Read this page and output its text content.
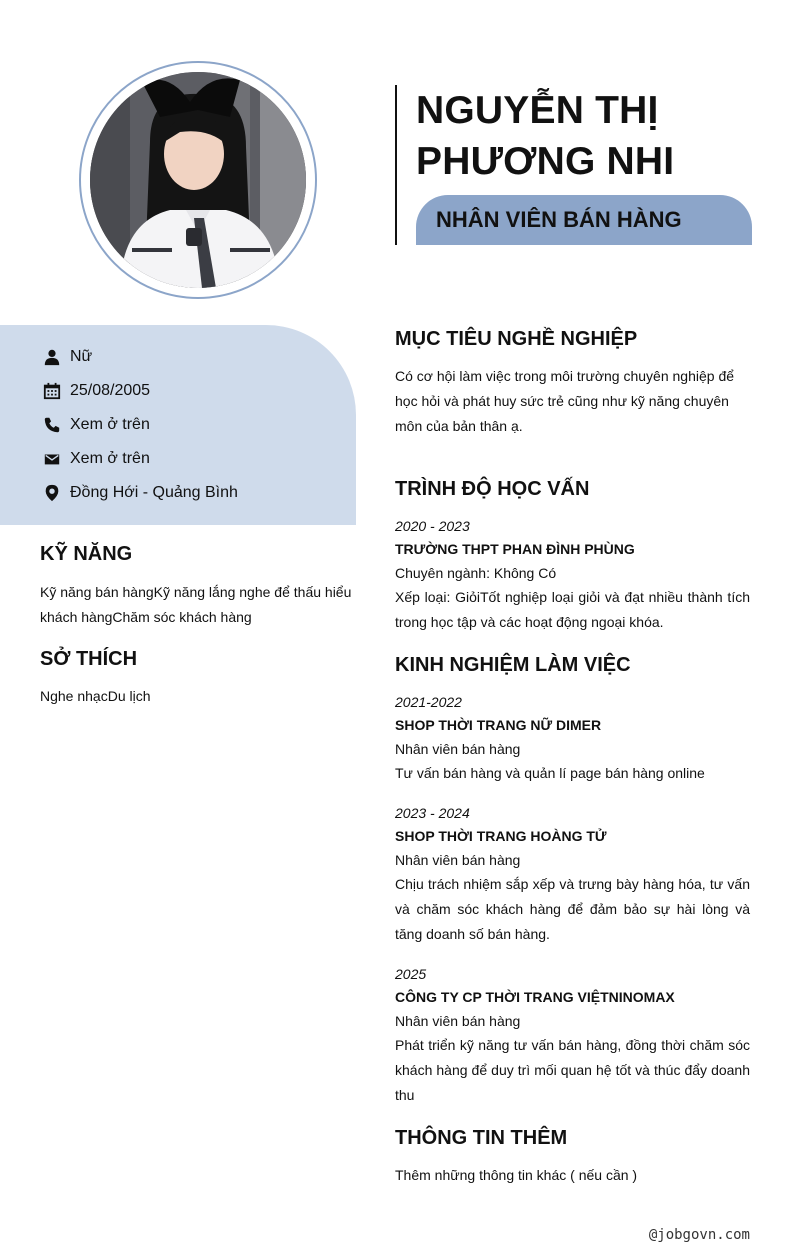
NGUYỄN THỊ
PHƯƠNG NHI
NHÂN VIÊN BÁN HÀNG
Nữ
25/08/2005
Xem ở trên
Xem ở trên
Đồng Hới - Quảng Bình
KỸ NĂNG
Kỹ năng bán hàngKỹ năng lắng nghe để thấu hiểu khách hàngChăm sóc khách hàng
SỞ THÍCH
Nghe nhạcDu lịch
MỤC TIÊU NGHỀ NGHIỆP
Có cơ hội làm việc trong môi trường chuyên nghiệp để học hỏi và phát huy sức trẻ cũng như kỹ năng chuyên môn của bản thân ạ.
TRÌNH ĐỘ HỌC VẤN
2020 - 2023
TRƯỜNG THPT PHAN ĐÌNH PHÙNG
Chuyên ngành: Không Có
Xếp loại: GiỏiTốt nghiệp loại giỏi và đạt nhiều thành tích trong học tập và các hoạt động ngoại khóa.
KINH NGHIỆM LÀM VIỆC
2021-2022
SHOP THỜI TRANG NỮ DIMER
Nhân viên bán hàng
Tư vấn bán hàng và quản lí page bán hàng online
2023 - 2024
SHOP THỜI TRANG HOÀNG TỬ
Nhân viên bán hàng
Chịu trách nhiệm sắp xếp và trưng bày hàng hóa, tư vấn và chăm sóc khách hàng để đảm bảo sự hài lòng và tăng doanh số bán hàng.
2025
CÔNG TY CP THỜI TRANG VIỆTNINOMAX
Nhân viên bán hàng
Phát triển kỹ năng tư vấn bán hàng, đồng thời chăm sóc khách hàng để duy trì mối quan hệ tốt và thúc đẩy doanh thu
THÔNG TIN THÊM
Thêm những thông tin khác ( nếu cần )
@jobgovn.com
